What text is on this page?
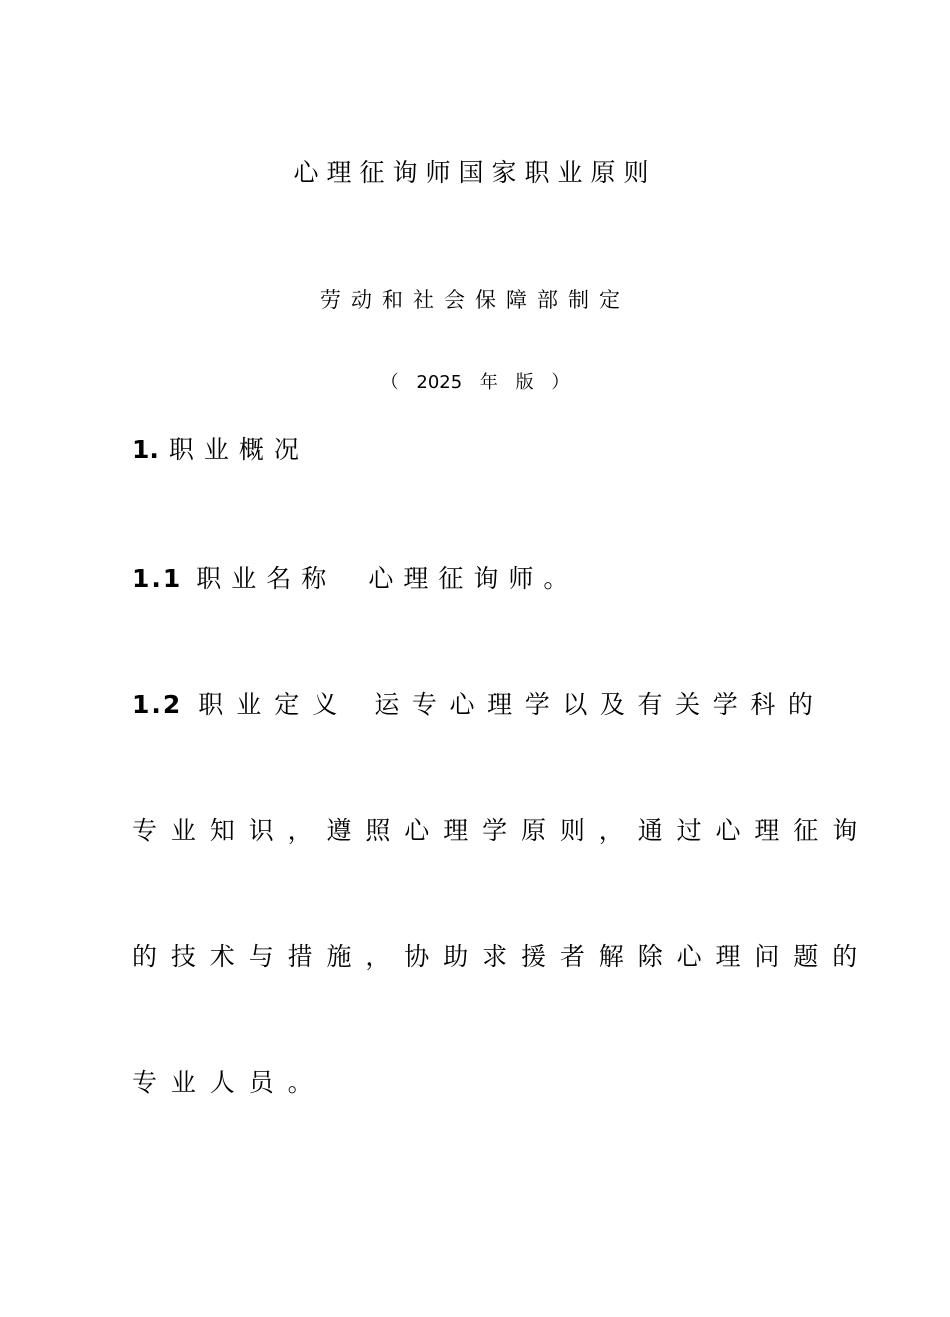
心理征询师国家职业原则
劳动和社会保障部制定
（ 2025 年 版 ）
1. 职业概况
1.1 职业名称 心理征询师。
1.2 职业定义 运专心理学以及有关学科的
专业知识，遵照心理学原则，通过心理征询
的技术与措施，协助求援者解除心理问题的
专业人员。
